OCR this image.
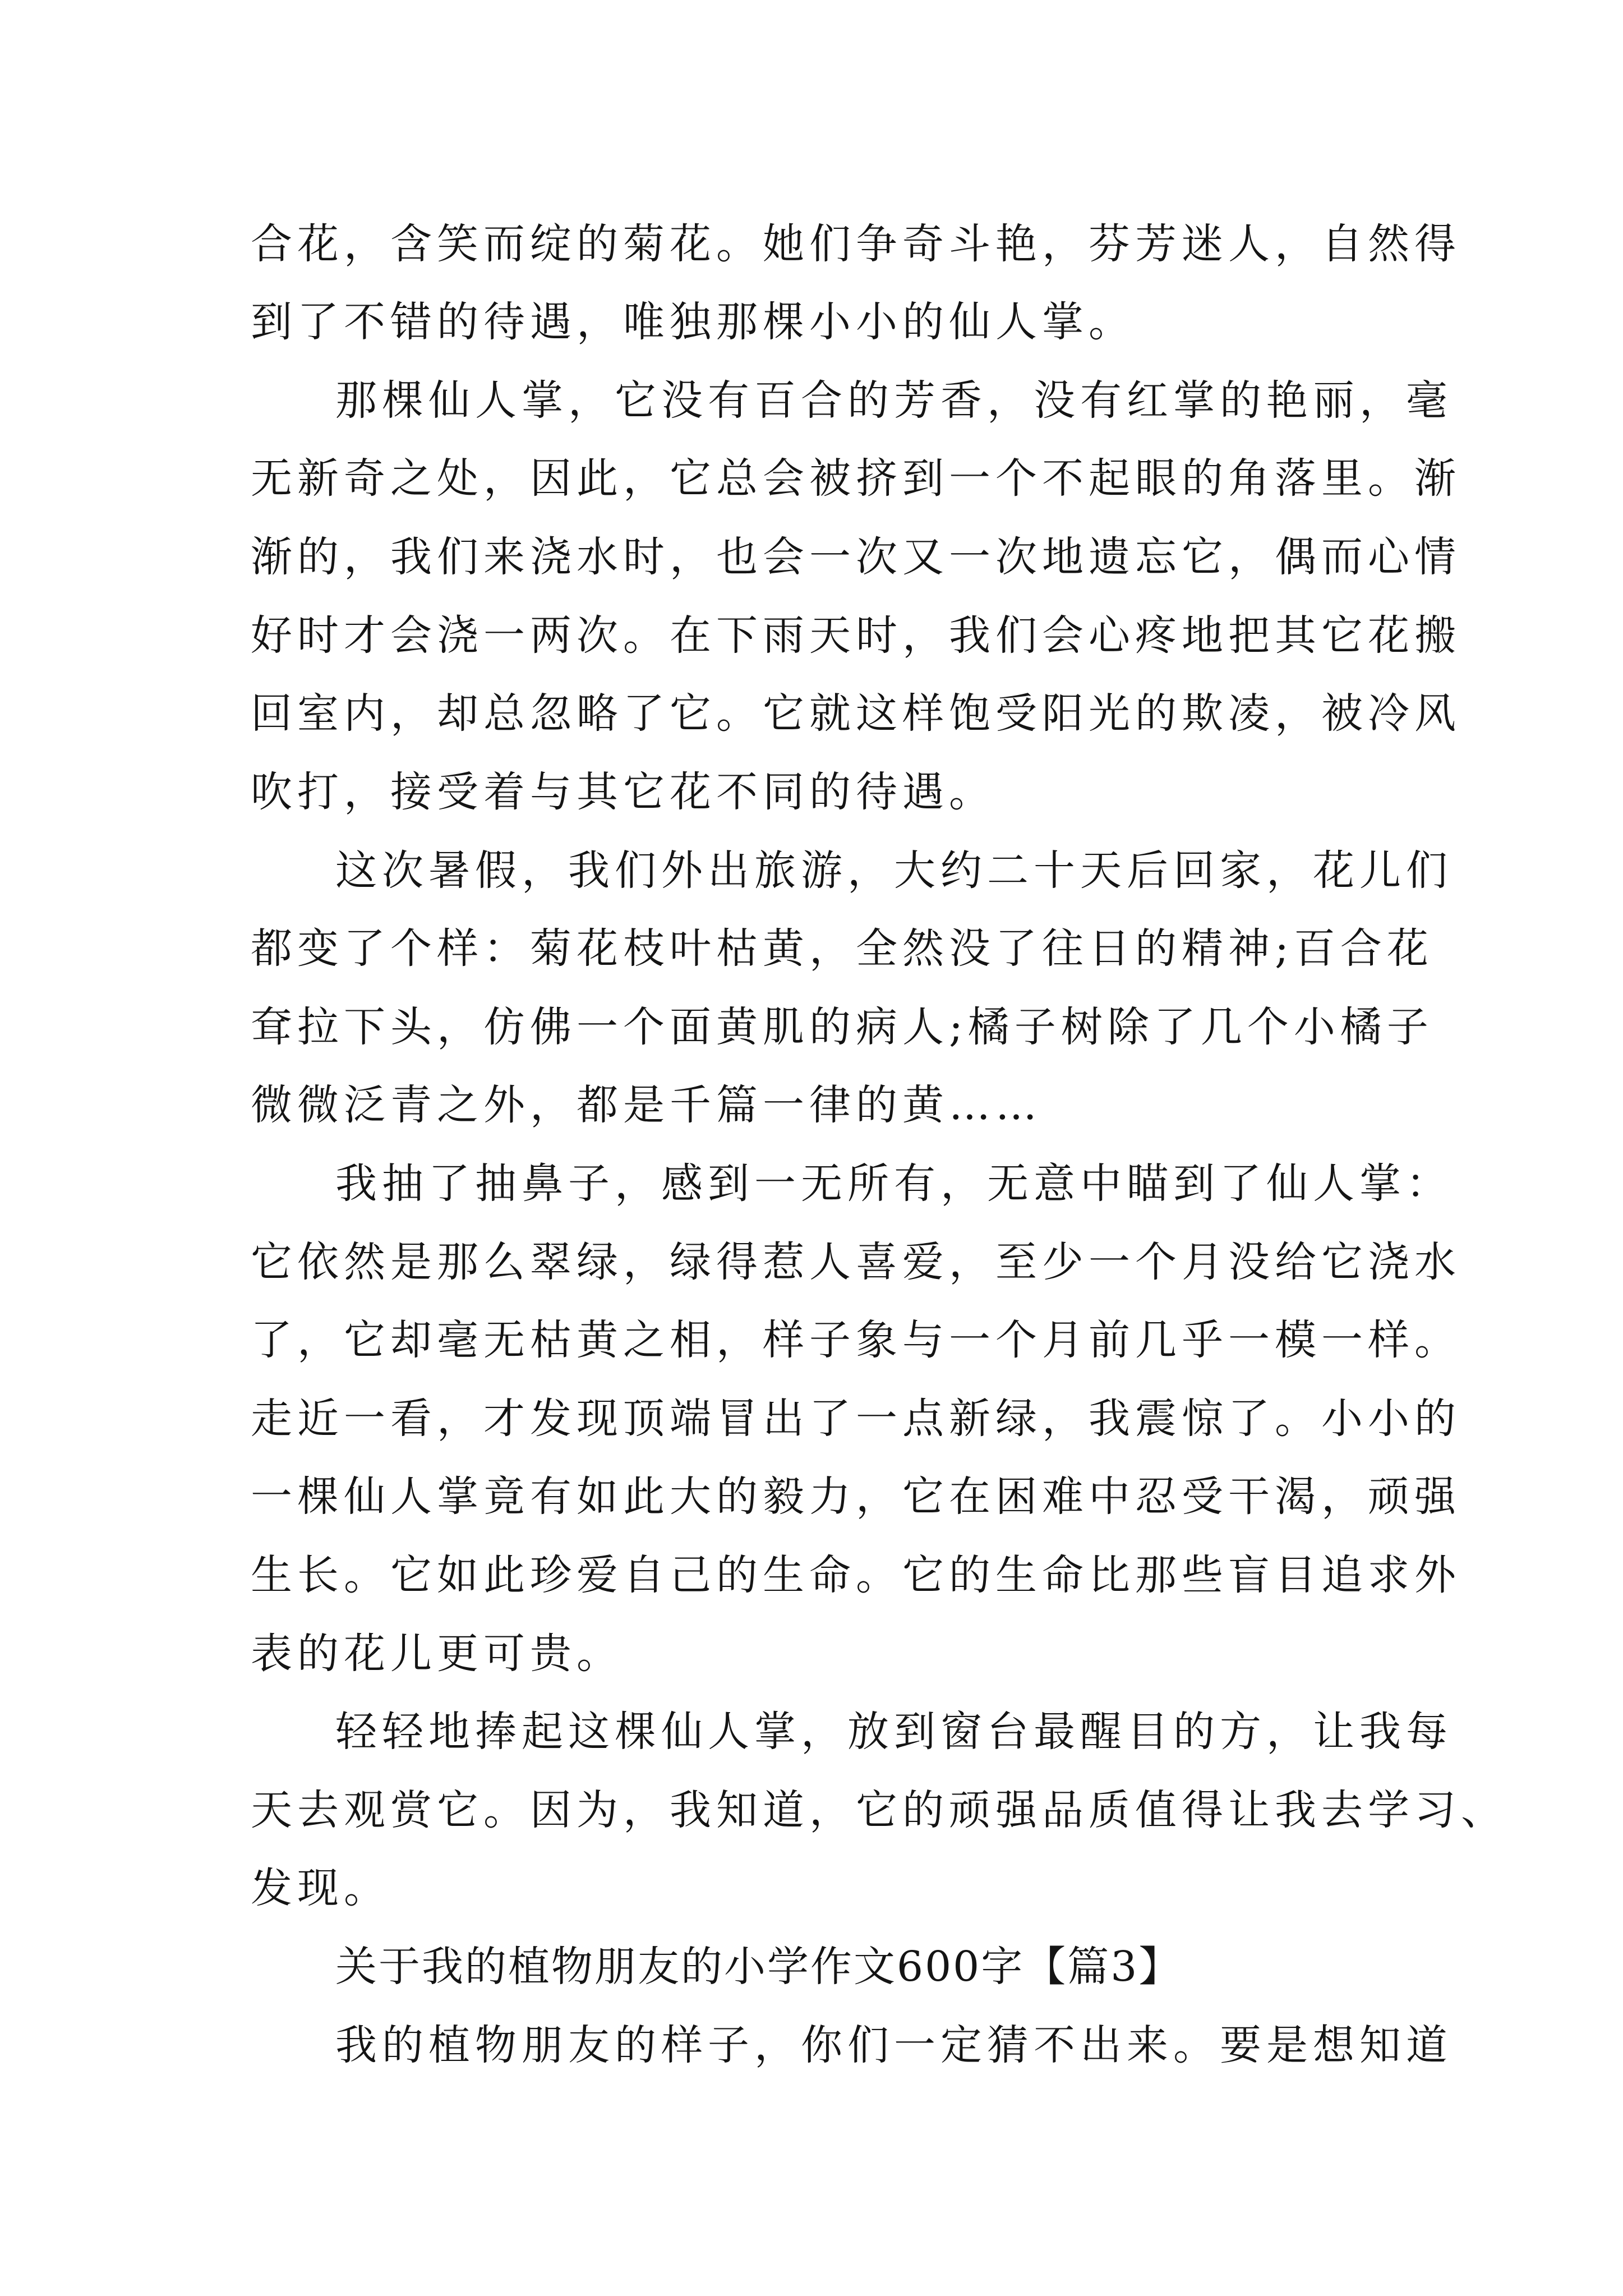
合花，含笑而绽的菊花。她们争奇斗艳，芬芳迷人，自然得
到了不错的待遇，唯独那棵小小的仙人掌。
那棵仙人掌，它没有百合的芳香，没有红掌的艳丽，毫
无新奇之处，因此，它总会被挤到一个不起眼的角落里。渐
渐的，我们来浇水时，也会一次又一次地遗忘它，偶而心情
好时才会浇一两次。在下雨天时，我们会心疼地把其它花搬
回室内，却总忽略了它。它就这样饱受阳光的欺凌，被冷风
吹打，接受着与其它花不同的待遇。
这次暑假，我们外出旅游，大约二十天后回家，花儿们
都变了个样：菊花枝叶枯黄，全然没了往日的精神;百合花
耷拉下头，仿佛一个面黄肌的病人;橘子树除了几个小橘子
微微泛青之外，都是千篇一律的黄……
我抽了抽鼻子，感到一无所有，无意中瞄到了仙人掌：
它依然是那么翠绿，绿得惹人喜爱，至少一个月没给它浇水
了，它却毫无枯黄之相，样子象与一个月前几乎一模一样。
走近一看，才发现顶端冒出了一点新绿，我震惊了。小小的
一棵仙人掌竟有如此大的毅力，它在困难中忍受干渴，顽强
生长。它如此珍爱自己的生命。它的生命比那些盲目追求外
表的花儿更可贵。
轻轻地捧起这棵仙人掌，放到窗台最醒目的方，让我每
天去观赏它。因为，我知道，它的顽强品质值得让我去学习、
发现。
关于我的植物朋友的小学作文600字【篇3】
我的植物朋友的样子，你们一定猜不出来。要是想知道
